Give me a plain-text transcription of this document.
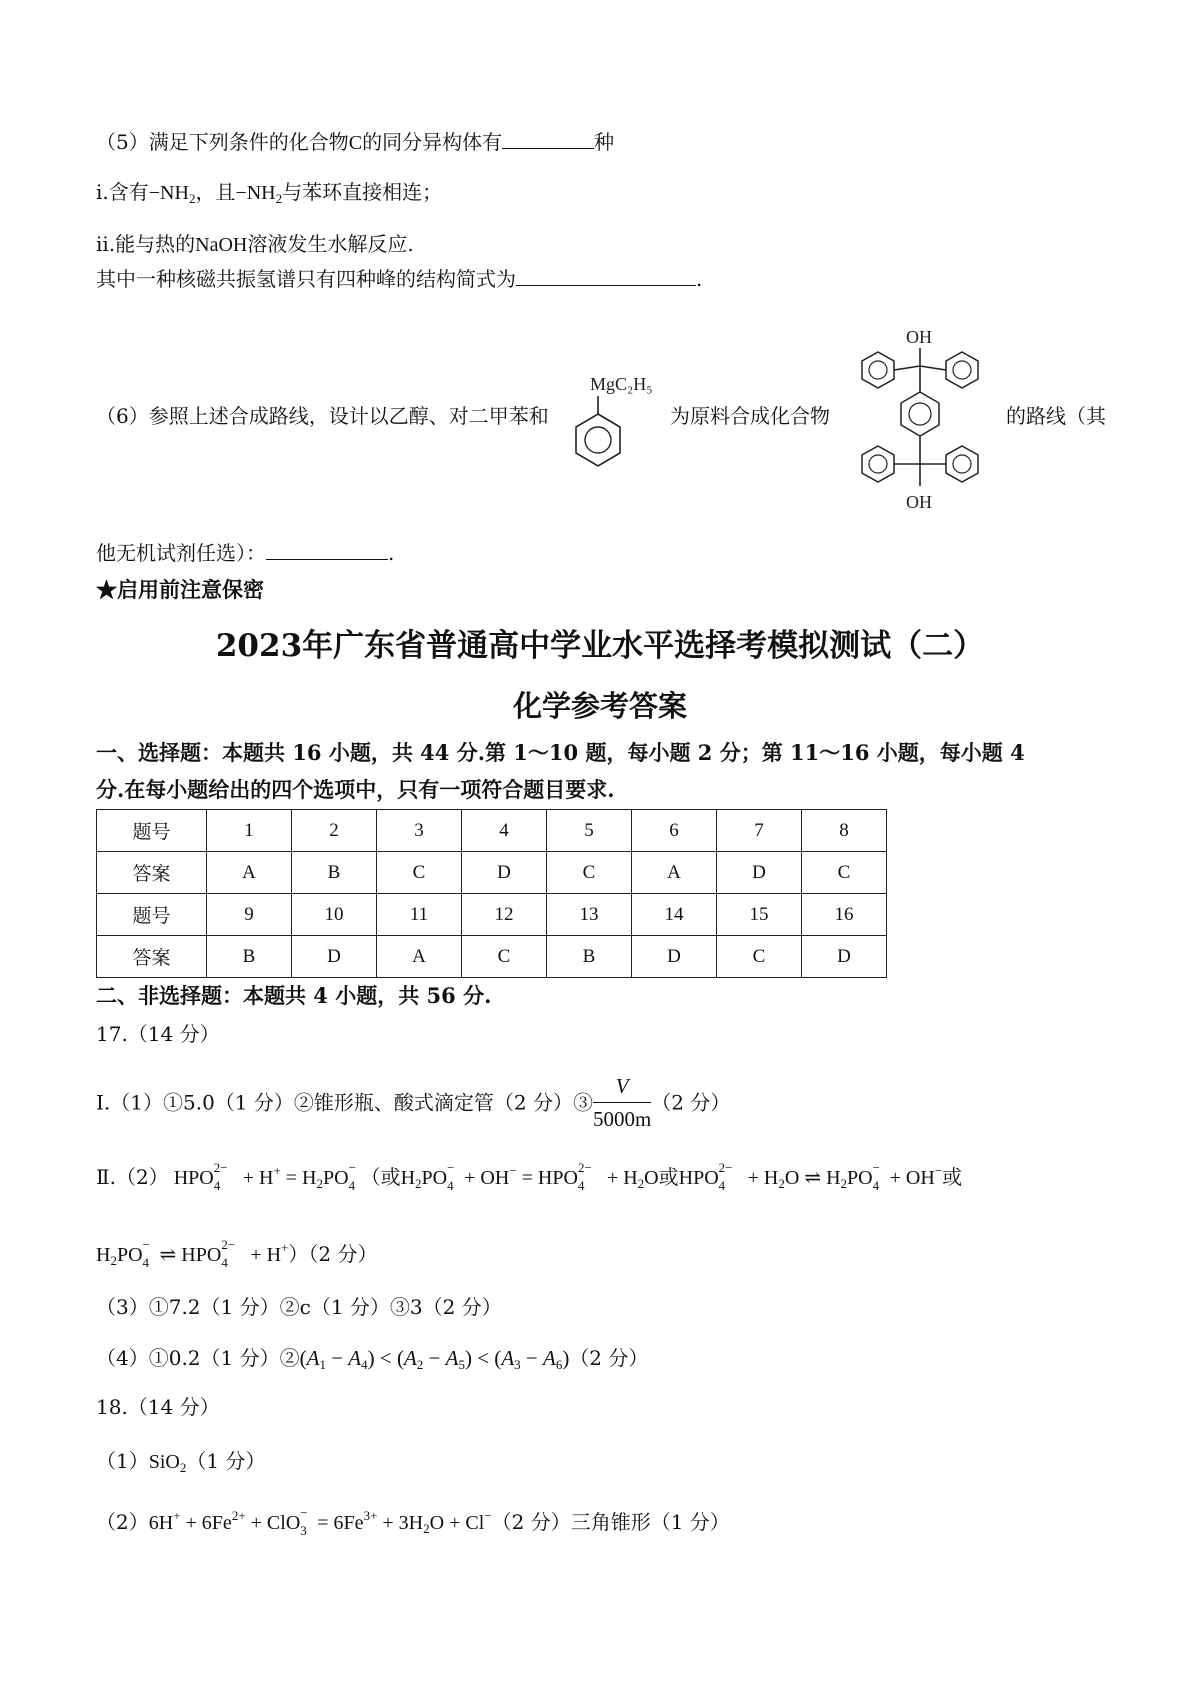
（5）满足下列条件的化合物C的同分异构体有	种
i.含有$-NH_2$，且$-NH_2$与苯环直接相连；
ii.能与热的NaOH溶液发生水解反应.
其中一种核磁共振氢谱只有四种峰的结构简式为	.
（6）参照上述合成路线，设计以乙醇、对二甲苯和
MgC₂H₅
为原料合成化合物
OH
OH
的路线（其
他无机试剂任选）：	.
★启用前注意保密
2023年广东省普通高中学业水平选择考模拟测试（二）
化学参考答案
一、选择题：本题共 16 小题，共 44 分.第 1～10 题，每小题 2 分；第 11～16 小题，每小题 4
分.在每小题给出的四个选项中，只有一项符合题目要求.
题号	1	2	3	4	5	6	7	8
答案	A	B	C	D	C	A	D	C
题号	9	10	11	12	13	14	15	16
答案	B	D	A	C	B	D	C	D
二、非选择题：本题共 4 小题，共 56 分.
17.（14 分）
Ⅰ.（1）①5.0（1 分）②锥形瓶、酸式滴定管（2 分）③ $\frac{V}{5000m} (2$ 分）
Ⅱ.（2） HPO 2−
$4 + H^+ = H_2PO$ −
4 （或$H_2PO$ −
4 + OH− = HPO 2−
$4 + H_2O$或HPO 2−
$4 + H_2O$ ⇌ $H_2PO$ −
4 + OH−或
$H_2PO$ −
4 ⇌ HPO 2−
4 + H+）（2 分）
（3）①7.2（1 分）②c（1 分）③3（2 分）
（4）①0.2（1 分）$②(A_1 - A_4) < (A_2 - A_5) < (A_3 - A_6)(2$ 分）
18.（14 分）
（1）SiO$_2$（1 分）
$(2)6H^+ + 6Fe^{2+}$ + ClO −
$3 = 6Fe^{3+} + 3H_2O + Cl^-(2$ 分）三角锥形（1 分）
